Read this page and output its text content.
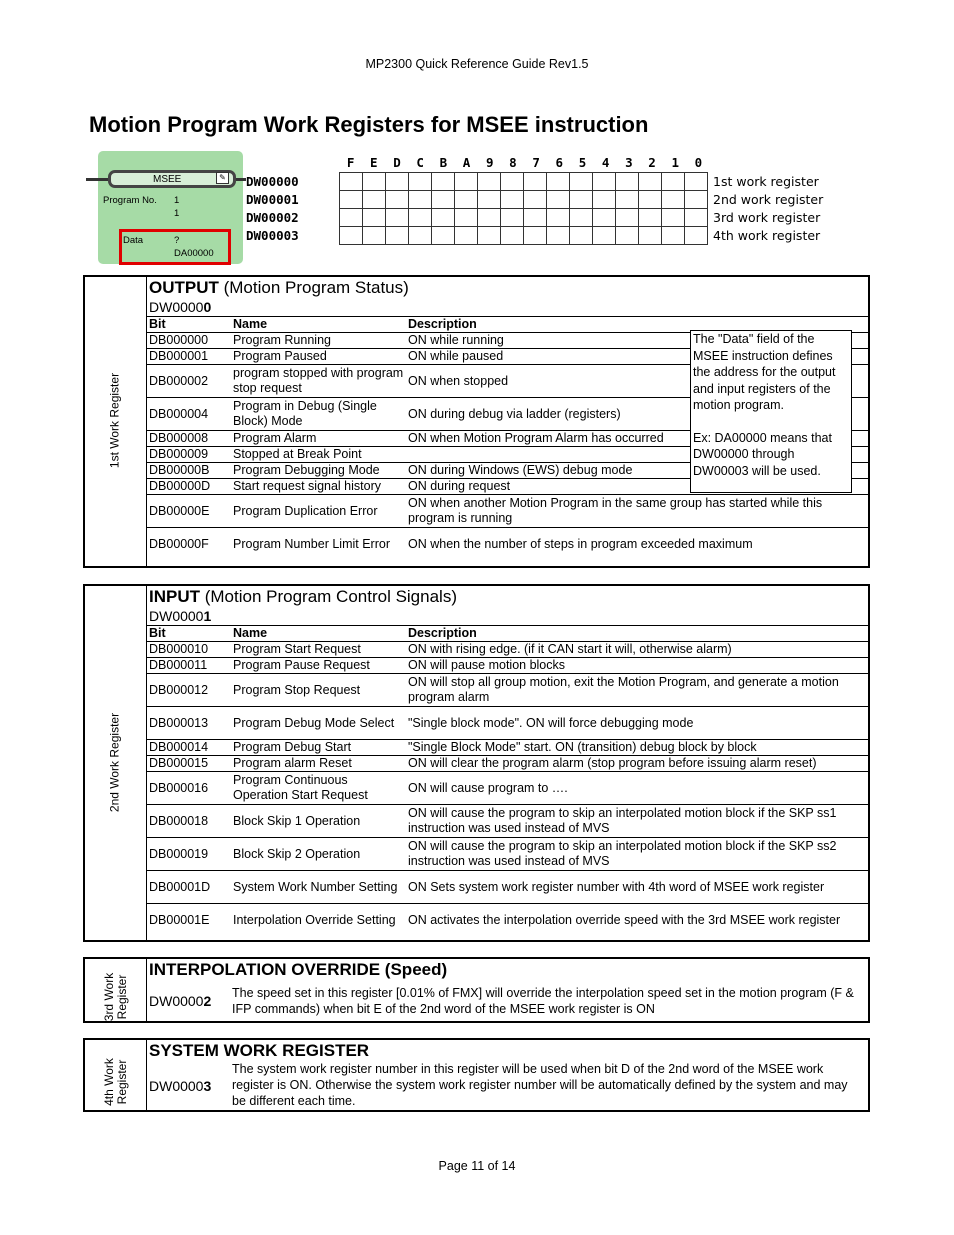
MP2300 Quick Reference Guide Rev1.5
Motion Program Work Registers for MSEE instruction
MSEE	✎
Program No. 1
1
Data	?
DA00000
DW00000
DW00001
DW00002
DW00003
F	E	D	C	B	A	9	8	7	6	5	4	3	2	1	0

1st work register
2nd work register
3rd work register
4th work register
1st Work Register
OUTPUT (Motion Program Status)
DW00000
Bit	Name	Description
DB000000	Program Running	ON while running
DB000001	Program Paused	ON while paused
DB000002	program stopped with program stop request	ON when stopped
DB000004	Program in Debug (Single Block) Mode	ON during debug via ladder (registers)
DB000008	Program Alarm	ON when Motion Program Alarm has occurred
DB000009	Stopped at Break Point	
DB00000B	Program Debugging Mode	ON during Windows (EWS) debug mode
DB00000D	Start request signal history	ON during request
DB00000E	Program Duplication Error	ON when another Motion Program in the same group has started while this program is running
DB00000F	Program Number Limit Error	ON when the number of steps in program exceeded maximum
The "Data" field of the MSEE instruction defines the address for the output and input registers of the motion program.
Ex: DA00000 means that DW00000 through DW00003 will be used.
2nd Work Register
INPUT (Motion Program Control Signals)
DW00001
Bit	Name	Description
DB000010	Program Start Request	ON with rising edge. (if it CAN start it will, otherwise alarm)
DB000011	Program Pause Request	ON will pause motion blocks
DB000012	Program Stop Request	ON will stop all group motion, exit the Motion Program, and generate a motion program alarm
DB000013	Program Debug Mode Select	"Single block mode". ON will force debugging mode
DB000014	Program Debug Start	"Single Block Mode" start. ON (transition) debug block by block
DB000015	Program alarm Reset	ON will clear the program alarm (stop program before issuing alarm reset)
DB000016	Program Continuous Operation Start Request	ON will cause program to ….
DB000018	Block Skip 1 Operation	ON will cause the program to skip an interpolated motion block if the SKP ss1 instruction was used instead of MVS
DB000019	Block Skip 2 Operation	ON will cause the program to skip an interpolated motion block if the SKP ss2 instruction was used instead of MVS
DB00001D	System Work Number Setting	ON Sets system work register number with 4th word of MSEE work register
DB00001E	Interpolation Override Setting	ON activates the interpolation override speed with the 3rd MSEE work register
3rd Work
Register
INTERPOLATION OVERRIDE (Speed)
DW00002 The speed set in this register [0.01% of FMX] will override the interpolation speed set in the motion program (F & IFP commands) when bit E of the 2nd word of the MSEE work register is ON
4th Work
Register
SYSTEM WORK REGISTER
DW00003
The system work register number in this register will be used when bit D of the 2nd word of the MSEE work register is ON. Otherwise the system work register number will be automatically defined by the system and may be different each time.
Page 11 of 14
